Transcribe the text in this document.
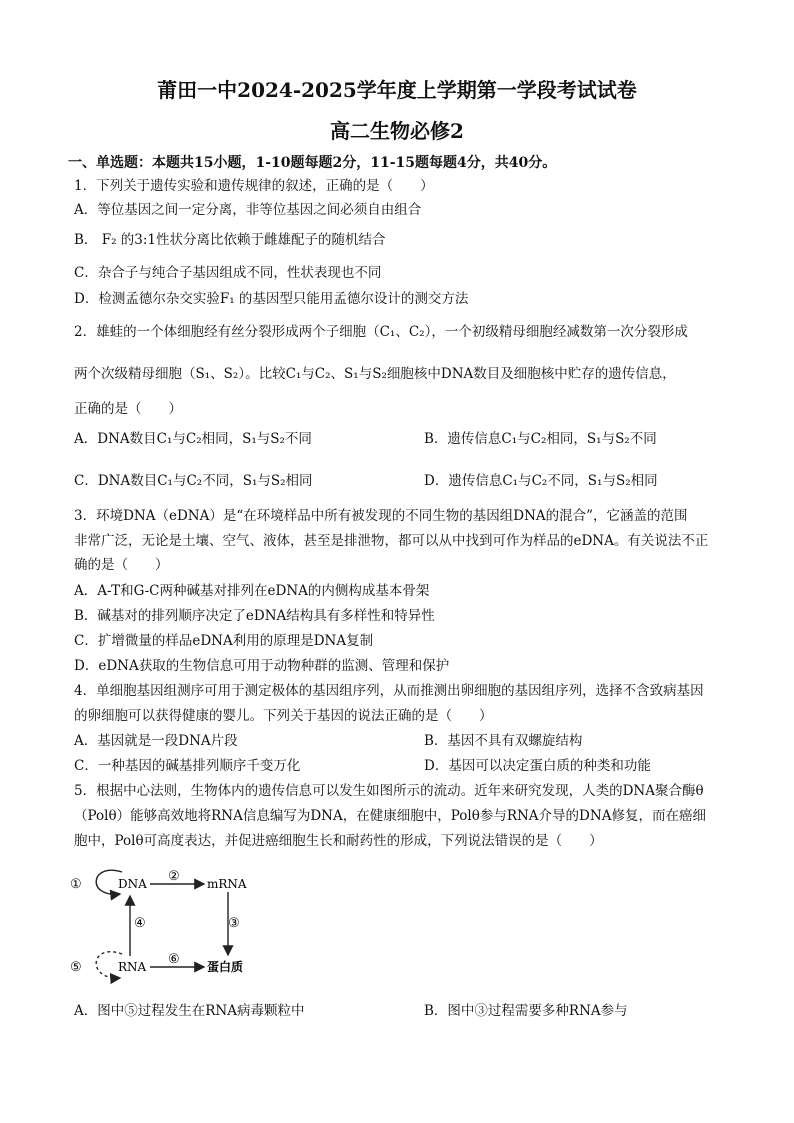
莆田一中2024-2025学年度上学期第一学段考试试卷
高二生物必修2
一、单选题：本题共15小题，1-10题每题2分，11-15题每题4分，共40分。
1．下列关于遗传实验和遗传规律的叙述，正确的是（　　）
A．等位基因之间一定分离，非等位基因之间必须自由组合
B． F₂ 的3:1性状分离比依赖于雌雄配子的随机结合
C．杂合子与纯合子基因组成不同，性状表现也不同
D．检测孟德尔杂交实验F₁ 的基因型只能用孟德尔设计的测交方法
2．雄蛙的一个体细胞经有丝分裂形成两个子细胞（C₁、C₂），一个初级精母细胞经减数第一次分裂形成
两个次级精母细胞（S₁、S₂）。比较C₁与C₂、S₁与S₂细胞核中DNA数目及细胞核中贮存的遗传信息，
正确的是（　　）
A．DNA数目C₁与C₂相同，S₁与S₂不同	B．遗传信息C₁与C₂相同，S₁与S₂不同
C．DNA数目C₁与C₂不同，S₁与S₂相同	D．遗传信息C₁与C₂不同，S₁与S₂相同
3．环境DNA（eDNA）是“在环境样品中所有被发现的不同生物的基因组DNA的混合”，它涵盖的范围
非常广泛，无论是土壤、空气、液体，甚至是排泄物，都可以从中找到可作为样品的eDNA。有关说法不正
确的是（　　）
A．A-T和G-C两种碱基对排列在eDNA的内侧构成基本骨架
B．碱基对的排列顺序决定了eDNA结构具有多样性和特异性
C．扩增微量的样品eDNA利用的原理是DNA复制
D．eDNA获取的生物信息可用于动物种群的监测、管理和保护
4．单细胞基因组测序可用于测定极体的基因组序列，从而推测出卵细胞的基因组序列，选择不含致病基因
的卵细胞可以获得健康的婴儿。下列关于基因的说法正确的是（　　）
A．基因就是一段DNA片段	B．基因不具有双螺旋结构
C．一种基因的碱基排列顺序千变万化	D．基因可以决定蛋白质的种类和功能
5．根据中心法则，生物体内的遗传信息可以发生如图所示的流动。近年来研究发现，人类的DNA聚合酶θ
（Polθ）能够高效地将RNA信息编写为DNA，在健康细胞中，Polθ参与RNA介导的DNA修复，而在癌细
胞中，Polθ可高度表达，并促进癌细胞生长和耐药性的形成，下列说法错误的是（　　）
DNA	mRNA
RNA	蛋白质
①
②
③
④
⑤
⑥
A．图中⑤过程发生在RNA病毒颗粒中	B．图中③过程需要多种RNA参与
